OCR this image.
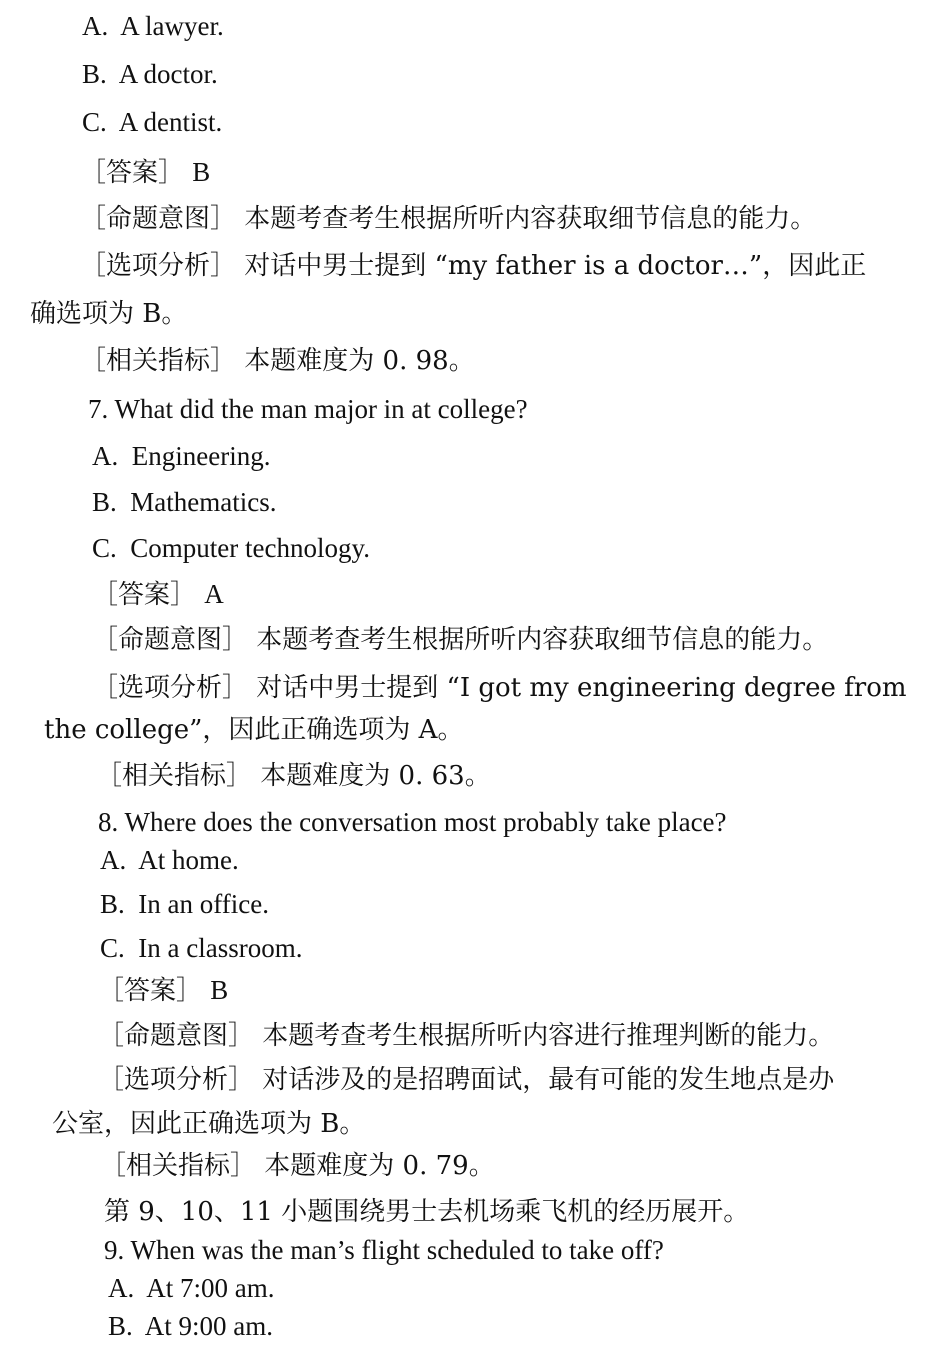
A. A lawyer.
B. A doctor.
C. A dentist.
［答案］ B
［命题意图］ 本题考查考生根据所听内容获取细节信息的能力。
［选项分析］ 对话中男士提到 “my father is a doctor…”，因此正
确选项为 B。
［相关指标］ 本题难度为 0. 98。
7. What did the man major in at college?
A. Engineering.
B. Mathematics.
C. Computer technology.
［答案］ A
［命题意图］ 本题考查考生根据所听内容获取细节信息的能力。
［选项分析］ 对话中男士提到 “I got my engineering degree from
the college”，因此正确选项为 A。
［相关指标］ 本题难度为 0. 63。
8. Where does the conversation most probably take place?
A. At home.
B. In an office.
C. In a classroom.
［答案］ B
［命题意图］ 本题考查考生根据所听内容进行推理判断的能力。
［选项分析］ 对话涉及的是招聘面试，最有可能的发生地点是办
公室，因此正确选项为 B。
［相关指标］ 本题难度为 0. 79。
第 9、10、11 小题围绕男士去机场乘飞机的经历展开。
9. When was the man’s flight scheduled to take off?
A. At 7:00 am.
B. At 9:00 am.
